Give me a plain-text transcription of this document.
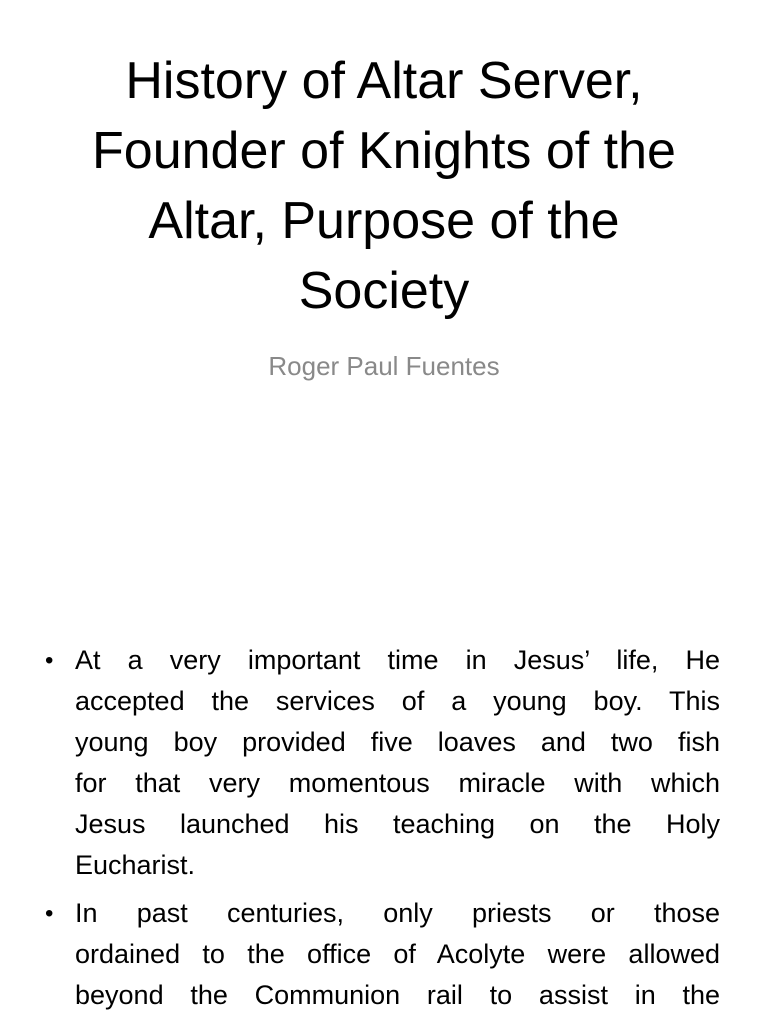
History of Altar Server,
Founder of Knights of the
Altar, Purpose of the
Society
Roger Paul Fuentes
• At a very important time in Jesus’ life, He
accepted the services of a young boy. This
young boy provided five loaves and two fish
for that very momentous miracle with which
Jesus launched his teaching on the Holy
Eucharist.
• In past centuries, only priests or those
ordained to the office of Acolyte were allowed
beyond the Communion rail to assist in the
